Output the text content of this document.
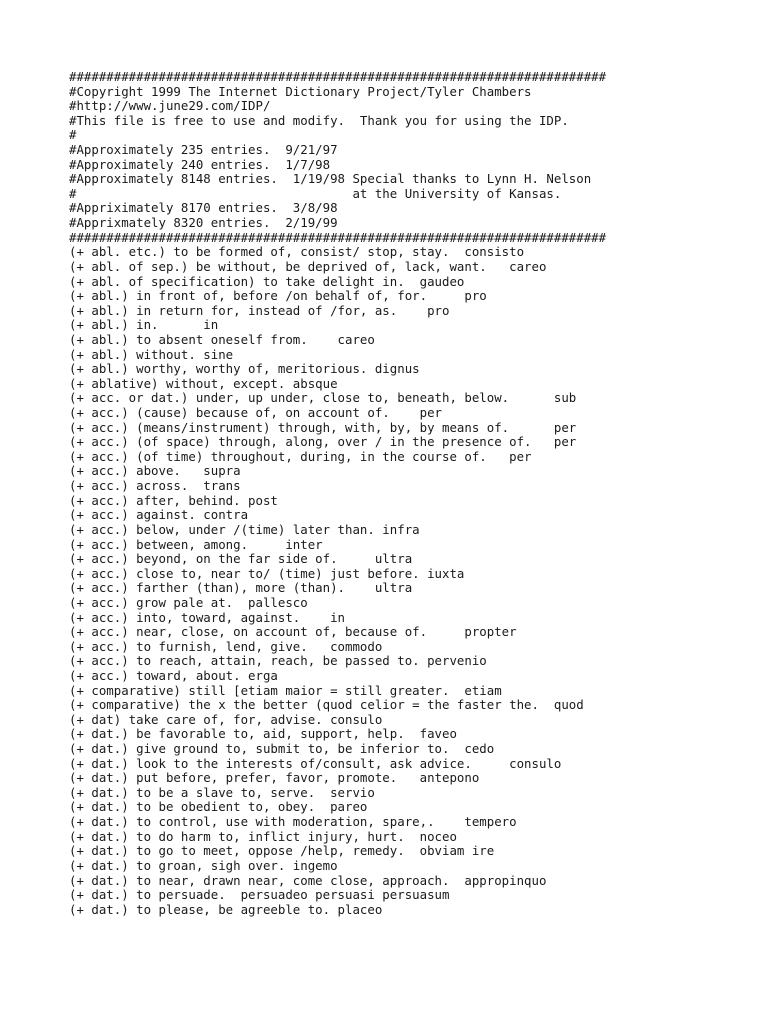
########################################################################
#Copyright 1999 The Internet Dictionary Project/Tyler Chambers
#http://www.june29.com/IDP/
#This file is free to use and modify.  Thank you for using the IDP.
#
#Approximately 235 entries.  9/21/97
#Approximately 240 entries.  1/7/98
#Approximately 8148 entries.  1/19/98 Special thanks to Lynn H. Nelson
#                                     at the University of Kansas.
#Appriximately 8170 entries.  3/8/98
#Apprixmately 8320 entries.  2/19/99
########################################################################
(+ abl. etc.) to be formed of, consist/ stop, stay.  consisto
(+ abl. of sep.) be without, be deprived of, lack, want.   careo
(+ abl. of specification) to take delight in.  gaudeo
(+ abl.) in front of, before /on behalf of, for.     pro
(+ abl.) in return for, instead of /for, as.    pro
(+ abl.) in.      in
(+ abl.) to absent oneself from.    careo
(+ abl.) without. sine
(+ abl.) worthy, worthy of, meritorious. dignus
(+ ablative) without, except. absque
(+ acc. or dat.) under, up under, close to, beneath, below.      sub
(+ acc.) (cause) because of, on account of.    per
(+ acc.) (means/instrument) through, with, by, by means of.      per
(+ acc.) (of space) through, along, over / in the presence of.   per
(+ acc.) (of time) throughout, during, in the course of.   per
(+ acc.) above.   supra
(+ acc.) across.  trans
(+ acc.) after, behind. post
(+ acc.) against. contra
(+ acc.) below, under /(time) later than. infra
(+ acc.) between, among.     inter
(+ acc.) beyond, on the far side of.     ultra
(+ acc.) close to, near to/ (time) just before. iuxta
(+ acc.) farther (than), more (than).    ultra
(+ acc.) grow pale at.  pallesco
(+ acc.) into, toward, against.    in
(+ acc.) near, close, on account of, because of.     propter
(+ acc.) to furnish, lend, give.   commodo
(+ acc.) to reach, attain, reach, be passed to. pervenio
(+ acc.) toward, about. erga
(+ comparative) still [etiam maior = still greater.  etiam
(+ comparative) the x the better (quod celior = the faster the.  quod
(+ dat) take care of, for, advise. consulo
(+ dat.) be favorable to, aid, support, help.  faveo
(+ dat.) give ground to, submit to, be inferior to.  cedo
(+ dat.) look to the interests of/consult, ask advice.     consulo
(+ dat.) put before, prefer, favor, promote.   antepono
(+ dat.) to be a slave to, serve.  servio
(+ dat.) to be obedient to, obey.  pareo
(+ dat.) to control, use with moderation, spare,.    tempero
(+ dat.) to do harm to, inflict injury, hurt.  noceo
(+ dat.) to go to meet, oppose /help, remedy.  obviam ire
(+ dat.) to groan, sigh over. ingemo
(+ dat.) to near, drawn near, come close, approach.  appropinquo
(+ dat.) to persuade.  persuadeo persuasi persuasum
(+ dat.) to please, be agreeble to. placeo
